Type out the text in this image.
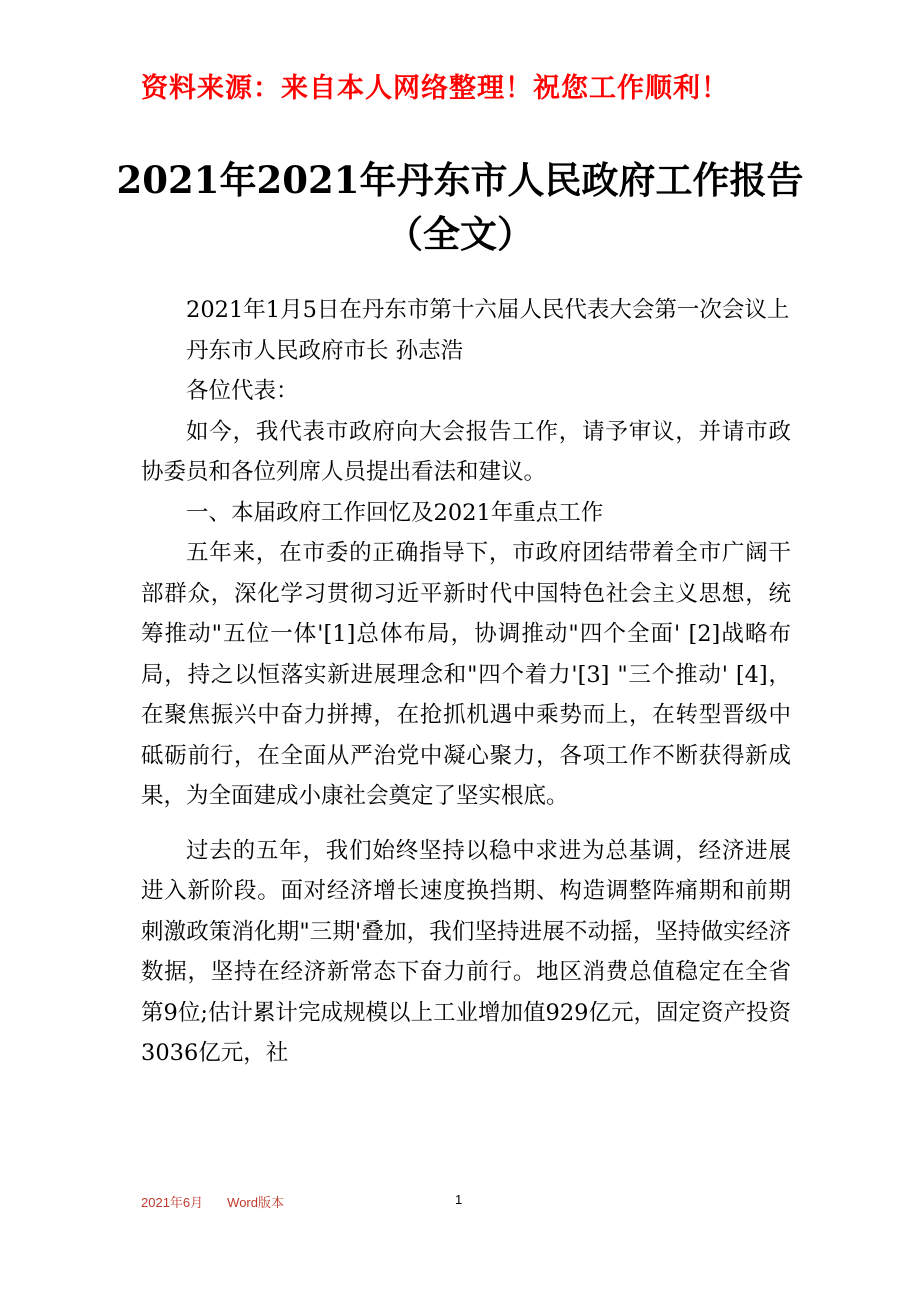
资料来源：来自本人网络整理！祝您工作顺利！
2021年2021年丹东市人民政府工作报告
（全文）

2021年1月5日在丹东市第十六届人民代表大会第一次会议上

丹东市人民政府市长 孙志浩

各位代表：

如今，我代表市政府向大会报告工作，请予审议，并请市政协委员和各位列席人员提出看法和建议。

一、本届政府工作回忆及2021年重点工作

五年来，在市委的正确指导下，市政府团结带着全市广阔干部群众，深化学习贯彻习近平新时代中国特色社会主义思想，统筹推动"五位一体'[1]总体布局，协调推动"四个全面' [2]战略布局，持之以恒落实新进展理念和"四个着力'[3] "三个推动' [4]，在聚焦振兴中奋力拼搏，在抢抓机遇中乘势而上，在转型晋级中砥砺前行，在全面从严治党中凝心聚力，各项工作不断获得新成果，为全面建成小康社会奠定了坚实根底。

过去的五年，我们始终坚持以稳中求进为总基调，经济进展进入新阶段。面对经济增长速度换挡期、构造调整阵痛期和前期刺激政策消化期"三期'叠加，我们坚持进展不动摇，坚持做实经济数据，坚持在经济新常态下奋力前行。地区消费总值稳定在全省第9位;估计累计完成规模以上工业增加值929亿元，固定资产投资3036亿元，社

2021年6月 Word版本	1
